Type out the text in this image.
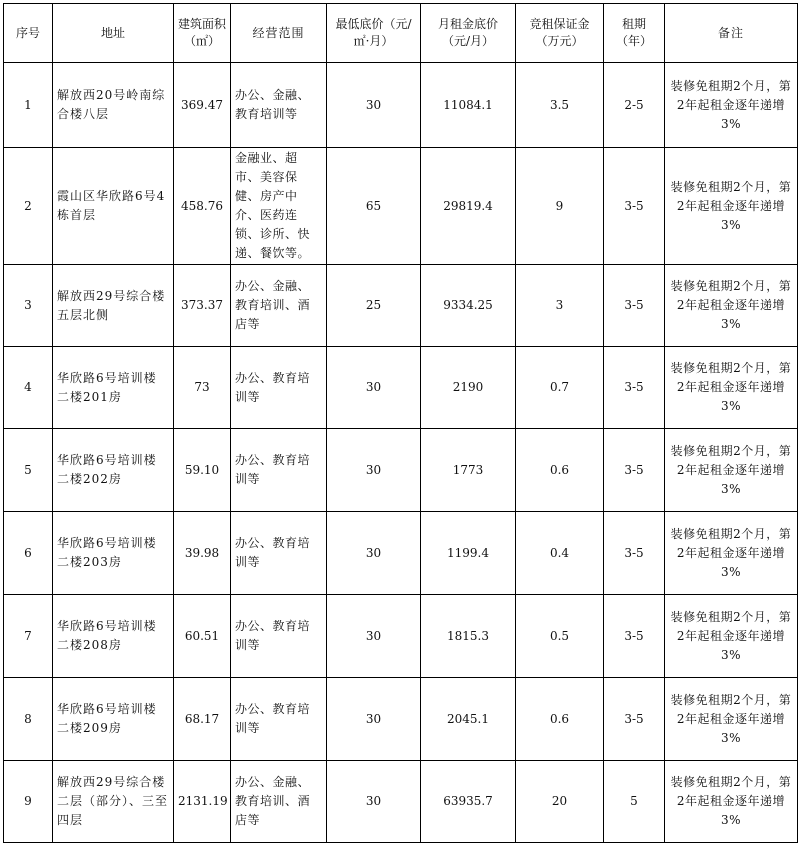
序号	地址	建筑面积（㎡）	经营范围	最低底价（元/㎡·月）	月租金底价（元/月）	竞租保证金（万元）	租期（年）	备注
1	解放西20号岭南综合楼八层	369.47	办公、金融、教育培训等	30	11084.1	3.5	2-5	装修免租期2个月，第2年起租金逐年递增3%
2	霞山区华欣路6号4栋首层	458.76	金融业、超市、美容保健、房产中介、医药连锁、诊所、快递、餐饮等。	65	29819.4	9	3-5	装修免租期2个月，第2年起租金逐年递增3%
3	解放西29号综合楼五层北侧	373.37	办公、金融、教育培训、酒店等	25	9334.25	3	3-5	装修免租期2个月，第2年起租金逐年递增3%
4	华欣路6号培训楼二楼201房	73	办公、教育培训等	30	2190	0.7	3-5	装修免租期2个月，第2年起租金逐年递增3%
5	华欣路6号培训楼二楼202房	59.10	办公、教育培训等	30	1773	0.6	3-5	装修免租期2个月，第2年起租金逐年递增3%
6	华欣路6号培训楼二楼203房	39.98	办公、教育培训等	30	1199.4	0.4	3-5	装修免租期2个月，第2年起租金逐年递增3%
7	华欣路6号培训楼二楼208房	60.51	办公、教育培训等	30	1815.3	0.5	3-5	装修免租期2个月，第2年起租金逐年递增3%
8	华欣路6号培训楼二楼209房	68.17	办公、教育培训等	30	2045.1	0.6	3-5	装修免租期2个月，第2年起租金逐年递增3%
9	解放西29号综合楼二层（部分）、三至四层	2131.19	办公、金融、教育培训、酒店等	30	63935.7	20	5	装修免租期2个月，第2年起租金逐年递增3%
